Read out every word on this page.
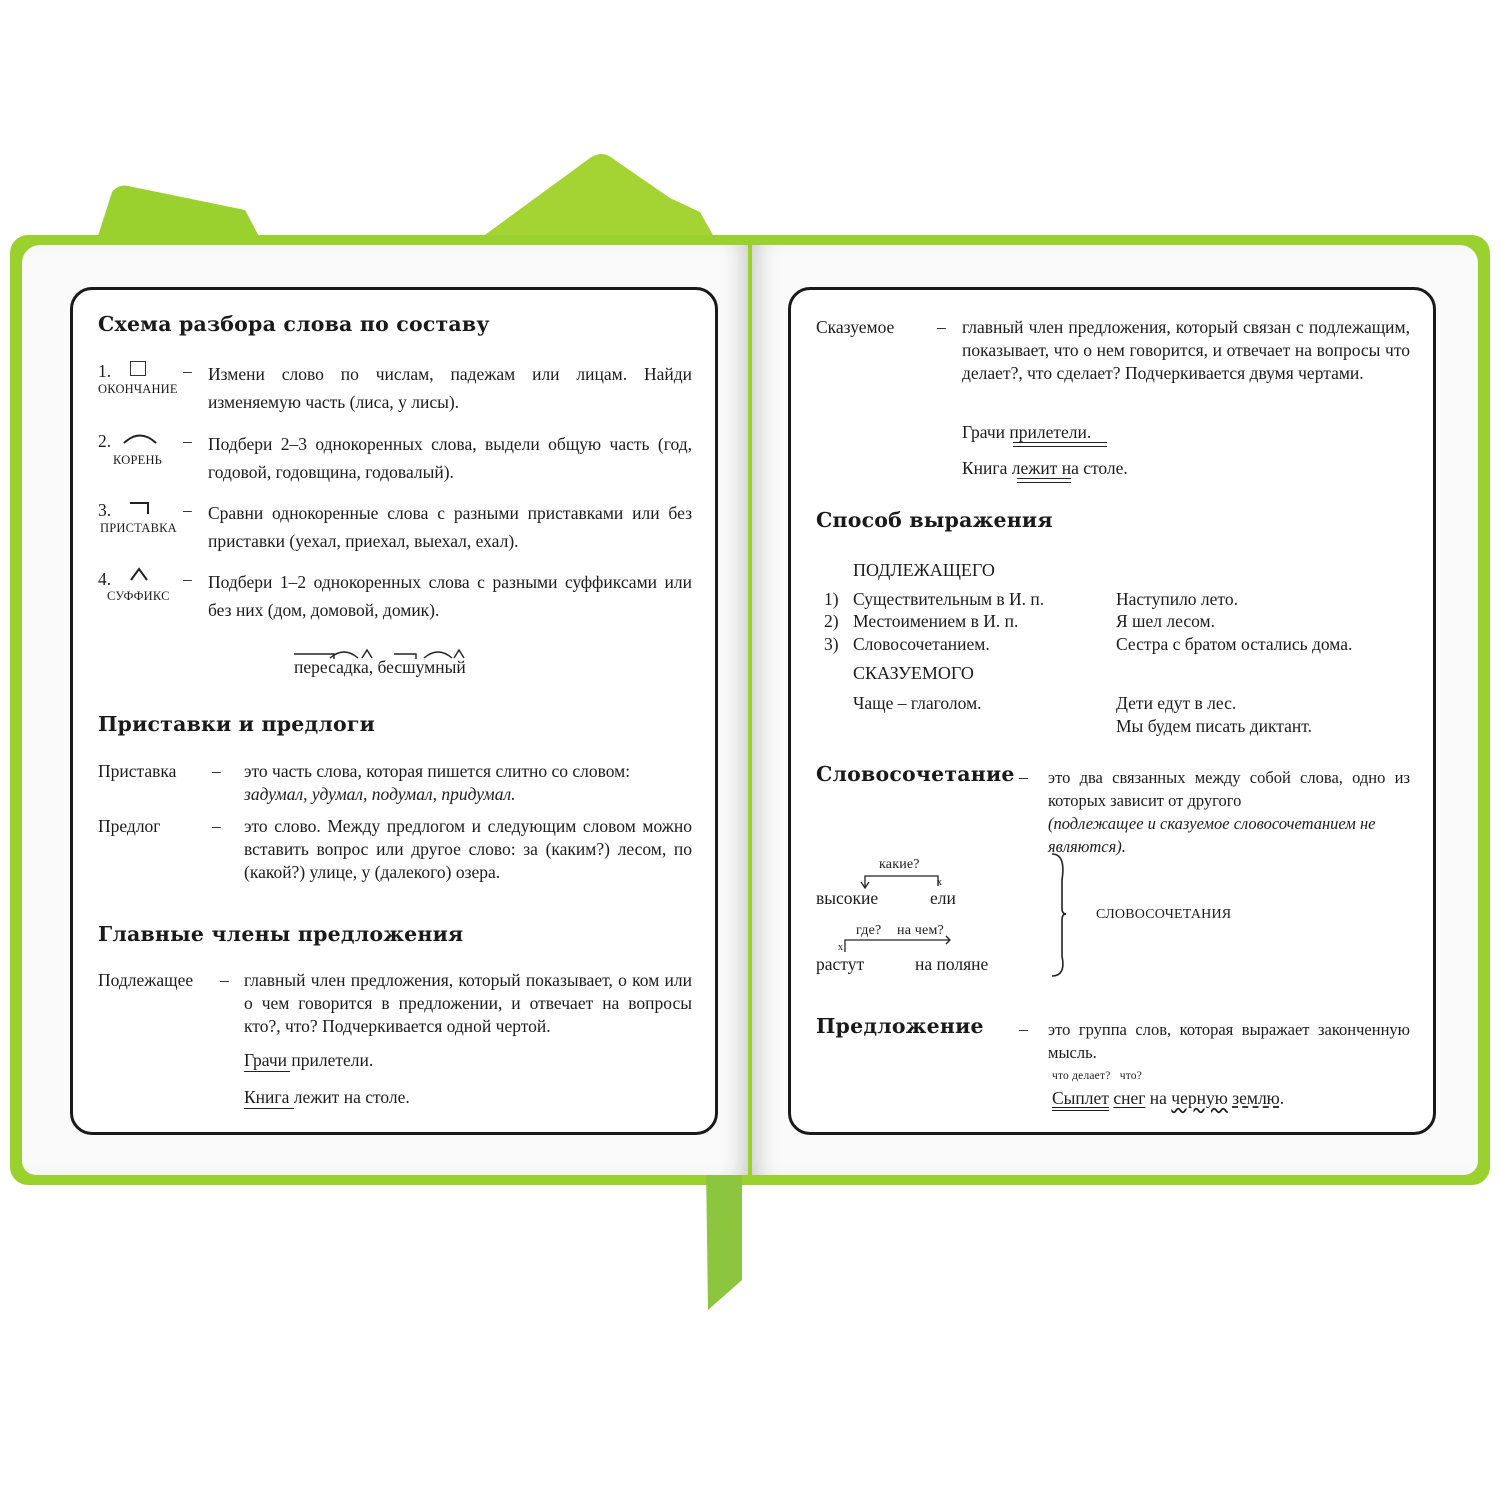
Схема разбора слова по составу
1.
ОКОНЧАНИЕ
– Измени слово по числам, падежам или лицам. Найди изменяемую часть (лиса, у лисы).
2.
КОРЕНЬ
– Подбери 2–3 однокоренных слова, выдели общую часть (год, годовой, годовщина, годовалый).
3.
ПРИСТАВКА
– Сравни однокоренные слова с разными приставками или без приставки (уехал, приехал, выехал, ехал).
4.
СУФФИКС
– Подбери 1–2 однокоренных слова с разными суффиксами или без них (дом, домовой, домик).
пересадка, бесшумный
Приставки и предлоги
Приставка – это часть слова, которая пишется слитно со словом:
задумал, удумал, подумал, придумал.
Предлог	– это слово. Между предлогом и следующим словом можно вставить вопрос или другое слово: за (каким?) лесом, по (какой?) улице, у (далекого) озера.
Главные члены предложения
Подлежащее – главный член предложения, который показывает, о ком или о чем говорится в предложении, и отвечает на вопросы кто?, что? Подчеркивается одной чертой.
Грачи прилетели.
Книга лежит на столе.
Сказуемое – главный член предложения, который связан с подлежащим, показывает, что о нем говорится, и отвечает на вопросы что делает?, что сделает? Подчеркивается двумя чертами.
Грачи прилетели.
Книга лежит на столе.
Способ выражения
ПОДЛЕЖАЩЕГО
1) Существительным в И. п.	Наступило лето.
2) Местоимением в И. п.	Я шел лесом.
3) Словосочетанием.	Сестра с братом остались дома.
СКАЗУЕМОГО
Чаще – глаголом.	Дети едут в лес.
Мы будем писать диктант.
Словосочетание – это два связанных между собой слова, одно из которых зависит от другого
(подлежащее и сказуемое словосочетанием не являются).
какие?
x
высокие	ели
где? на чем?
x
растут	на поляне
СЛОВОСОЧЕТАНИЯ
Предложение – это группа слов, которая выражает законченную мысль.
что делает?   что?
Сыплет снег на черную землю.
